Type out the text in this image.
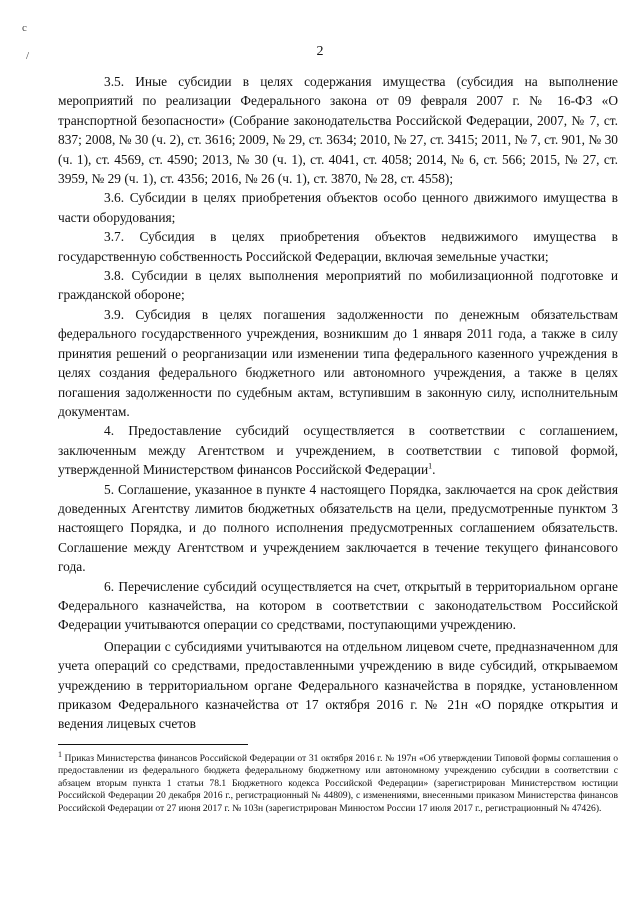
с
/	2

3.5. Иные субсидии в целях содержания имущества (субсидия на выполнение мероприятий по реализации Федерального закона от 09 февраля 2007 г. № 16-ФЗ «О транспортной безопасности» (Собрание законодательства Российской Федерации, 2007, № 7, ст. 837; 2008, № 30 (ч. 2), ст. 3616; 2009, № 29, ст. 3634; 2010, № 27, ст. 3415; 2011, № 7, ст. 901, № 30 (ч. 1), ст. 4569, ст. 4590; 2013, № 30 (ч. 1), ст. 4041, ст. 4058; 2014, № 6, ст. 566; 2015, № 27, ст. 3959, № 29 (ч. 1), ст. 4356; 2016, № 26 (ч. 1), ст. 3870, № 28, ст. 4558);

3.6. Субсидии в целях приобретения объектов особо ценного движимого имущества в части оборудования;

3.7. Субсидия в целях приобретения объектов недвижимого имущества в государственную собственность Российской Федерации, включая земельные участки;

3.8. Субсидии в целях выполнения мероприятий по мобилизационной подготовке и гражданской обороне;

3.9. Субсидия в целях погашения задолженности по денежным обязательствам федерального государственного учреждения, возникшим до 1 января 2011 года, а также в силу принятия решений о реорганизации или изменении типа федерального казенного учреждения в целях создания федерального бюджетного или автономного учреждения, а также в целях погашения задолженности по судебным актам, вступившим в законную силу, исполнительным документам.

4. Предоставление субсидий осуществляется в соответствии с соглашением, заключенным между Агентством и учреждением, в соответствии с типовой формой, утвержденной Министерством финансов Российской Федерации$^1$.

5. Соглашение, указанное в пункте 4 настоящего Порядка, заключается на срок действия доведенных Агентству лимитов бюджетных обязательств на цели, предусмотренные пунктом 3 настоящего Порядка, и до полного исполнения предусмотренных соглашением обязательств. Соглашение между Агентством и учреждением заключается в течение текущего финансового года.

6. Перечисление субсидий осуществляется на счет, открытый в территориальном органе Федерального казначейства, на котором в соответствии с законодательством Российской Федерации учитываются операции со средствами, поступающими учреждению.

Операции с субсидиями учитываются на отдельном лицевом счете, предназначенном для учета операций со средствами, предоставленными учреждению в виде субсидий, открываемом учреждению в территориальном органе Федерального казначейства в порядке, установленном приказом Федерального казначейства от 17 октября 2016 г. № 21н «О порядке открытия и ведения лицевых счетов

$^1$ Приказ Министерства финансов Российской Федерации от 31 октября 2016 г. № 197н «Об утверждении Типовой формы соглашения о предоставлении из федерального бюджета федеральному бюджетному или автономному учреждению субсидии в соответствии с абзацем вторым пункта 1 статьи 78.1 Бюджетного кодекса Российской Федерации» (зарегистрирован Министерством юстиции Российской Федерации 20 декабря 2016 г., регистрационный № 44809), с изменениями, внесенными приказом Министерства финансов Российской Федерации от 27 июня 2017 г. № 103н (зарегистрирован Минюстом России 17 июля 2017 г., регистрационный № 47426).
